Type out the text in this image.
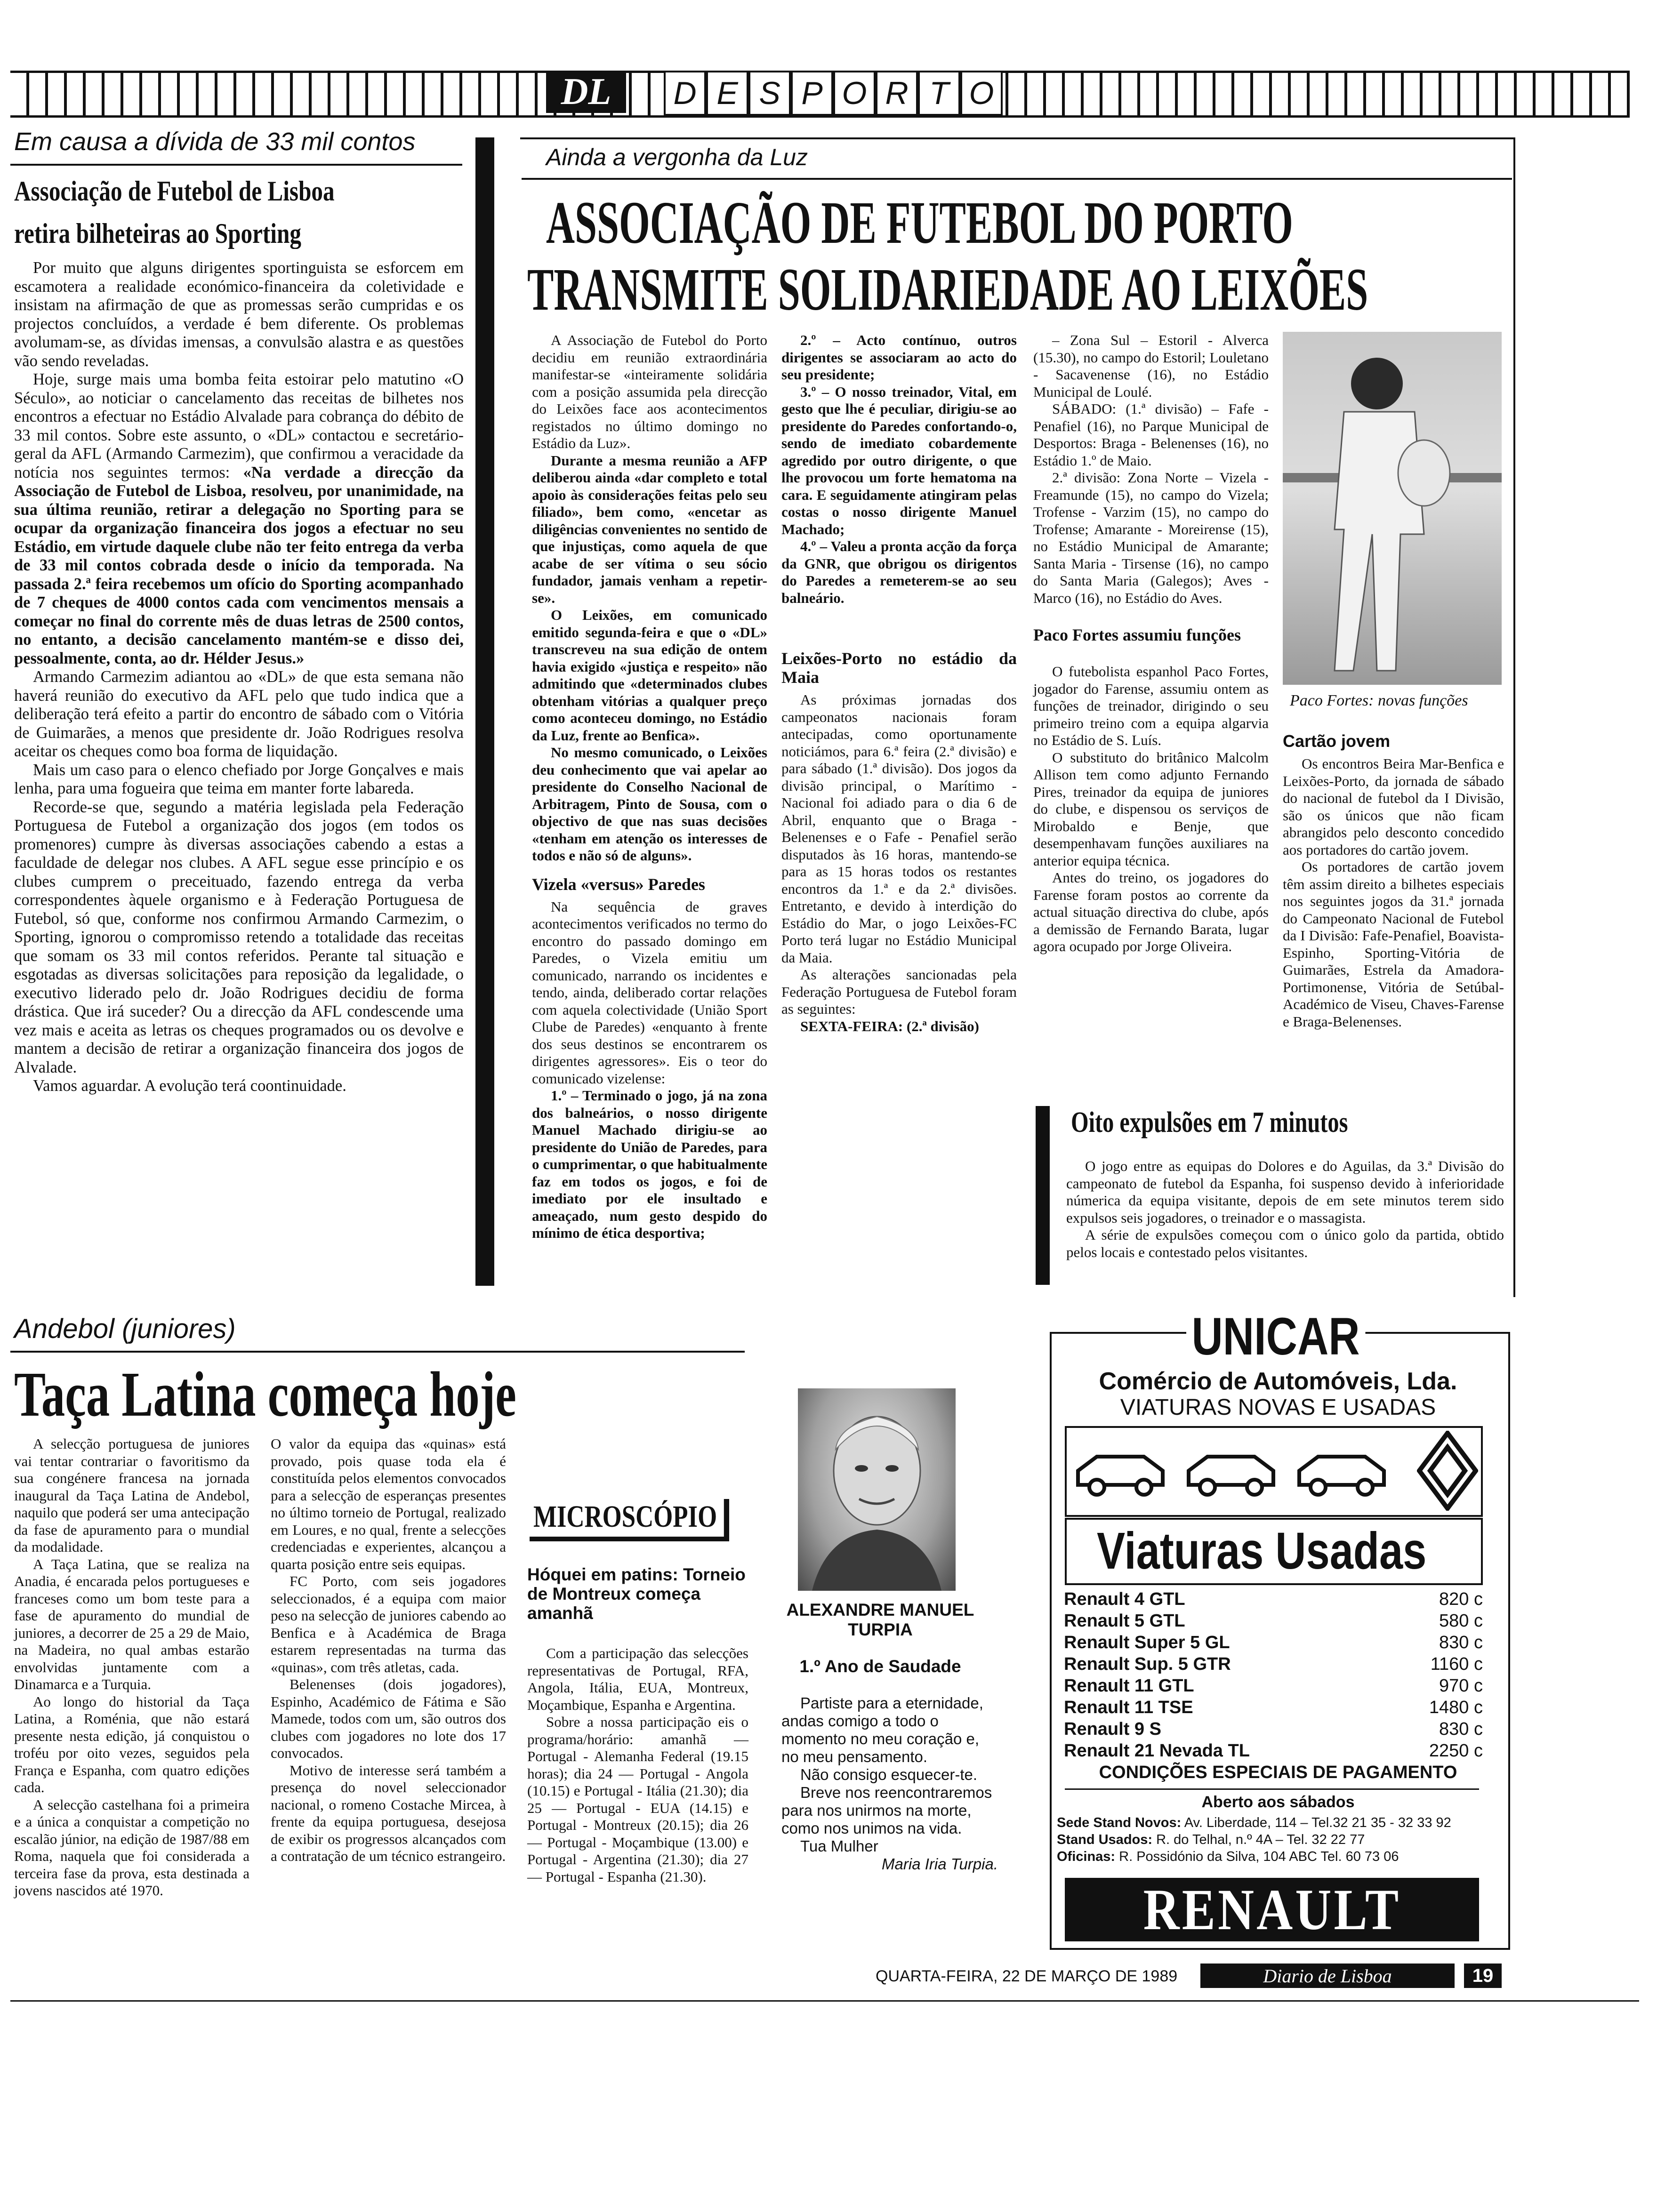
DL	D E S P O R T O
Em causa a dívida de 33 mil contos
Associação de Futebol de Lisboa
retira bilheteiras ao Sporting

Por muito que alguns dirigentes sportinguista se esforcem em escamotera a realidade económico-financeira da coletividade e insistam na afirmação de que as promessas serão cumpridas e os projectos concluídos, a verdade é bem diferente. Os problemas avolumam-se, as dívidas imensas, a convulsão alastra e as questões vão sendo reveladas.

Hoje, surge mais uma bomba feita estoirar pelo matutino «O Século», ao noticiar o cancelamento das receitas de bilhetes nos encontros a efectuar no Estádio Alvalade para cobrança do débito de 33 mil contos. Sobre este assunto, o «DL» contactou e secretário-geral da AFL (Armando Carmezim), que confirmou a veracidade da notícia nos seguintes termos: «Na verdade a direcção da Associação de Futebol de Lisboa, resolveu, por unanimidade, na sua última reunião, retirar a delegação no Sporting para se ocupar da organização financeira dos jogos a efectuar no seu Estádio, em virtude daquele clube não ter feito entrega da verba de 33 mil contos cobrada desde o início da temporada. Na passada 2.ª feira recebemos um ofício do Sporting acompanhado de 7 cheques de 4000 contos cada com vencimentos mensais a começar no final do corrente mês de duas letras de 2500 contos, no entanto, a decisão cancelamento mantém-se e disso dei, pessoalmente, conta, ao dr. Hélder Jesus.»

Armando Carmezim adiantou ao «DL» de que esta semana não haverá reunião do executivo da AFL pelo que tudo indica que a deliberação terá efeito a partir do encontro de sábado com o Vitória de Guimarães, a menos que presidente dr. João Rodrigues resolva aceitar os cheques como boa forma de liquidação.

Mais um caso para o elenco chefiado por Jorge Gonçalves e mais lenha, para uma fogueira que teima em manter forte labareda.

Recorde-se que, segundo a matéria legislada pela Federação Portuguesa de Futebol a organização dos jogos (em todos os promenores) cumpre às diversas associações cabendo a estas a faculdade de delegar nos clubes. A AFL segue esse princípio e os clubes cumprem o preceituado, fazendo entrega da verba correspondentes àquele organismo e à Federação Portuguesa de Futebol, só que, conforme nos confirmou Armando Carmezim, o Sporting, ignorou o compromisso retendo a totalidade das receitas que somam os 33 mil contos referidos. Perante tal situação e esgotadas as diversas solicitações para reposição da legalidade, o executivo liderado pelo dr. João Rodrigues decidiu de forma drástica. Que irá suceder? Ou a direcção da AFL condescende uma vez mais e aceita as letras os cheques programados ou os devolve e mantem a decisão de retirar a organização financeira dos jogos de Alvalade.

Vamos aguardar. A evolução terá coontinuidade.

Ainda a vergonha da Luz
ASSOCIAÇÃO DE FUTEBOL DO PORTO
TRANSMITE SOLIDARIEDADE AO LEIXÕES

A Associação de Futebol do Porto decidiu em reunião extraordinária manifestar-se «inteiramente solidária com a posição assumida pela direcção do Leixões face aos acontecimentos registados no último domingo no Estádio da Luz».

Durante a mesma reunião a AFP deliberou ainda «dar completo e total apoio às considerações feitas pelo seu filiado», bem como, «encetar as diligências convenientes no sentido de que injustiças, como aquela de que acabe de ser vítima o seu sócio fundador, jamais venham a repetir-se».

O Leixões, em comunicado emitido segunda-feira e que o «DL» transcreveu na sua edição de ontem havia exigido «justiça e respeito» não admitindo que «determinados clubes obtenham vitórias a qualquer preço como aconteceu domingo, no Estádio da Luz, frente ao Benfica».

No mesmo comunicado, o Leixões deu conhecimento que vai apelar ao presidente do Conselho Nacional de Arbitragem, Pinto de Sousa, com o objectivo de que nas suas decisões «tenham em atenção os interesses de todos e não só de alguns».

Vizela «versus» Paredes

Na sequência de graves acontecimentos verificados no termo do encontro do passado domingo em Paredes, o Vizela emitiu um comunicado, narrando os incidentes e tendo, ainda, deliberado cortar relações com aquela colectividade (União Sport Clube de Paredes) «enquanto à frente dos seus destinos se encontrarem os dirigentes agressores». Eis o teor do comunicado vizelense:

1.º – Terminado o jogo, já na zona dos balneários, o nosso dirigente Manuel Machado dirigiu-se ao presidente do União de Paredes, para o cumprimentar, o que habitualmente faz em todos os jogos, e foi de imediato por ele insultado e ameaçado, num gesto despido do mínimo de ética desportiva;

2.º – Acto contínuo, outros dirigentes se associaram ao acto do seu presidente;

3.º – O nosso treinador, Vital, em gesto que lhe é peculiar, dirigiu-se ao presidente do Paredes confortando-o, sendo de imediato cobardemente agredido por outro dirigente, o que lhe provocou um forte hematoma na cara. E seguidamente atingiram pelas costas o nosso dirigente Manuel Machado;

4.º – Valeu a pronta acção da força da GNR, que obrigou os dirigentos do Paredes a remeterem-se ao seu balneário.

Leixões-Porto no estádio da Maia

As próximas jornadas dos campeonatos nacionais foram antecipadas, como oportunamente noticiámos, para 6.ª feira (2.ª divisão) e para sábado (1.ª divisão). Dos jogos da divisão principal, o Marítimo - Nacional foi adiado para o dia 6 de Abril, enquanto que o Braga - Belenenses e o Fafe - Penafiel serão disputados às 16 horas, mantendo-se para as 15 horas todos os restantes encontros da 1.ª e da 2.ª divisões. Entretanto, e devido à interdição do Estádio do Mar, o jogo Leixões-FC Porto terá lugar no Estádio Municipal da Maia.

As alterações sancionadas pela Federação Portuguesa de Futebol foram as seguintes:

SEXTA-FEIRA: (2.ª divisão)

– Zona Sul – Estoril - Alverca (15.30), no campo do Estoril; Louletano - Sacavenense (16), no Estádio Municipal de Loulé.

SÁBADO: (1.ª divisão) – Fafe - Penafiel (16), no Parque Municipal de Desportos: Braga - Belenenses (16), no Estádio 1.º de Maio.

2.ª divisão: Zona Norte – Vizela - Freamunde (15), no campo do Vizela; Trofense - Varzim (15), no campo do Trofense; Amarante - Moreirense (15), no Estádio Municipal de Amarante; Santa Maria - Tirsense (16), no campo do Santa Maria (Galegos); Aves - Marco (16), no Estádio do Aves.

Paco Fortes assumiu funções

O futebolista espanhol Paco Fortes, jogador do Farense, assumiu ontem as funções de treinador, dirigindo o seu primeiro treino com a equipa algarvia no Estádio de S. Luís.

O substituto do britânico Malcolm Allison tem como adjunto Fernando Pires, treinador da equipa de juniores do clube, e dispensou os serviços de Mirobaldo e Benje, que desempenhavam funções auxiliares na anterior equipa técnica.

Antes do treino, os jogadores do Farense foram postos ao corrente da actual situação directiva do clube, após a demissão de Fernando Barata, lugar agora ocupado por Jorge Oliveira.

Paco Fortes: novas funções
Cartão jovem

Os encontros Beira Mar-Benfica e Leixões-Porto, da jornada de sábado do nacional de futebol da I Divisão, são os únicos que não ficam abrangidos pelo desconto concedido aos portadores do cartão jovem.

Os portadores de cartão jovem têm assim direito a bilhetes especiais nos seguintes jogos da 31.ª jornada do Campeonato Nacional de Futebol da I Divisão: Fafe-Penafiel, Boavista-Espinho, Sporting-Vitória de Guimarães, Estrela da Amadora-Portimonense, Vitória de Setúbal-Académico de Viseu, Chaves-Farense e Braga-Belenenses.

Oito expulsões em 7 minutos

O jogo entre as equipas do Dolores e do Aguilas, da 3.ª Divisão do campeonato de futebol da Espanha, foi suspenso devido à inferioridade númerica da equipa visitante, depois de em sete minutos terem sido expulsos seis jogadores, o treinador e o massagista.

A série de expulsões começou com o único golo da partida, obtido pelos locais e contestado pelos visitantes.

Andebol (juniores)
Taça Latina começa hoje

A selecção portuguesa de juniores vai tentar contrariar o favoritismo da sua congénere francesa na jornada inaugural da Taça Latina de Andebol, naquilo que poderá ser uma antecipação da fase de apuramento para o mundial da modalidade.

A Taça Latina, que se realiza na Anadia, é encarada pelos portugueses e franceses como um bom teste para a fase de apuramento do mundial de juniores, a decorrer de 25 a 29 de Maio, na Madeira, no qual ambas estarão envolvidas juntamente com a Dinamarca e a Turquia.

Ao longo do historial da Taça Latina, a Roménia, que não estará presente nesta edição, já conquistou o troféu por oito vezes, seguidos pela França e Espanha, com quatro edições cada.

A selecção castelhana foi a primeira e a única a conquistar a competição no escalão júnior, na edição de 1987/88 em Roma, naquela que foi considerada a terceira fase da prova, esta destinada a jovens nascidos até 1970.

O valor da equipa das «quinas» está provado, pois quase toda ela é constituída pelos elementos convocados para a selecção de esperanças presentes no último torneio de Portugal, realizado em Loures, e no qual, frente a selecções credenciadas e experientes, alcançou a quarta posição entre seis equipas.

FC Porto, com seis jogadores seleccionados, é a equipa com maior peso na selecção de juniores cabendo ao Benfica e à Académica de Braga estarem representadas na turma das «quinas», com três atletas, cada.

Belenenses (dois jogadores), Espinho, Académico de Fátima e São Mamede, todos com um, são outros dos clubes com jogadores no lote dos 17 convocados.

Motivo de interesse será também a presença do novel seleccionador nacional, o romeno Costache Mircea, à frente da equipa portuguesa, desejosa de exibir os progressos alcançados com a contratação de um técnico estrangeiro.

MICROSCÓPIO
Hóquei em patins: Torneio de Montreux começa amanhã

Com a participação das selecções representativas de Portugal, RFA, Angola, Itália, EUA, Montreux, Moçambique, Espanha e Argentina.

Sobre a nossa participação eis o programa/horário: amanhã — Portugal - Alemanha Federal (19.15 horas); dia 24 — Portugal - Angola (10.15) e Portugal - Itália (21.30); dia 25 — Portugal - EUA (14.15) e Portugal - Montreux (20.15); dia 26 — Portugal - Moçambique (13.00) e Portugal - Argentina (21.30); dia 27 — Portugal - Espanha (21.30).

ALEXANDRE MANUEL
TURPIA
1.º Ano de Saudade
Partiste para a eternidade, andas comigo a todo o momento no meu coração e, no meu pensamento.
Não consigo esquecer-te.
Breve nos reencontraremos para nos unirmos na morte, como nos unimos na vida.
Tua Mulher
Maria Iria Turpia.
UNICAR
Comércio de Automóveis, Lda.
VIATURAS NOVAS E USADAS
Viaturas Usadas
Renault 4 GTL	820 c
Renault 5 GTL	580 c
Renault Super 5 GL	830 c
Renault Sup. 5 GTR	1160 c
Renault 11 GTL	970 c
Renault 11 TSE	1480 c
Renault 9 S	830 c
Renault 21 Nevada TL	2250 c
CONDIÇÕES ESPECIAIS DE PAGAMENTO
Aberto aos sábados
Sede Stand Novos: Av. Liberdade, 114 – Tel.32 21 35 - 32 33 92
Stand Usados: R. do Telhal, n.º 4A – Tel. 32 22 77
Oficinas: R. Possidónio da Silva, 104 ABC Tel. 60 73 06
RENAULT
QUARTA-FEIRA, 22 DE MARÇO DE 1989	Diario de Lisboa	19
